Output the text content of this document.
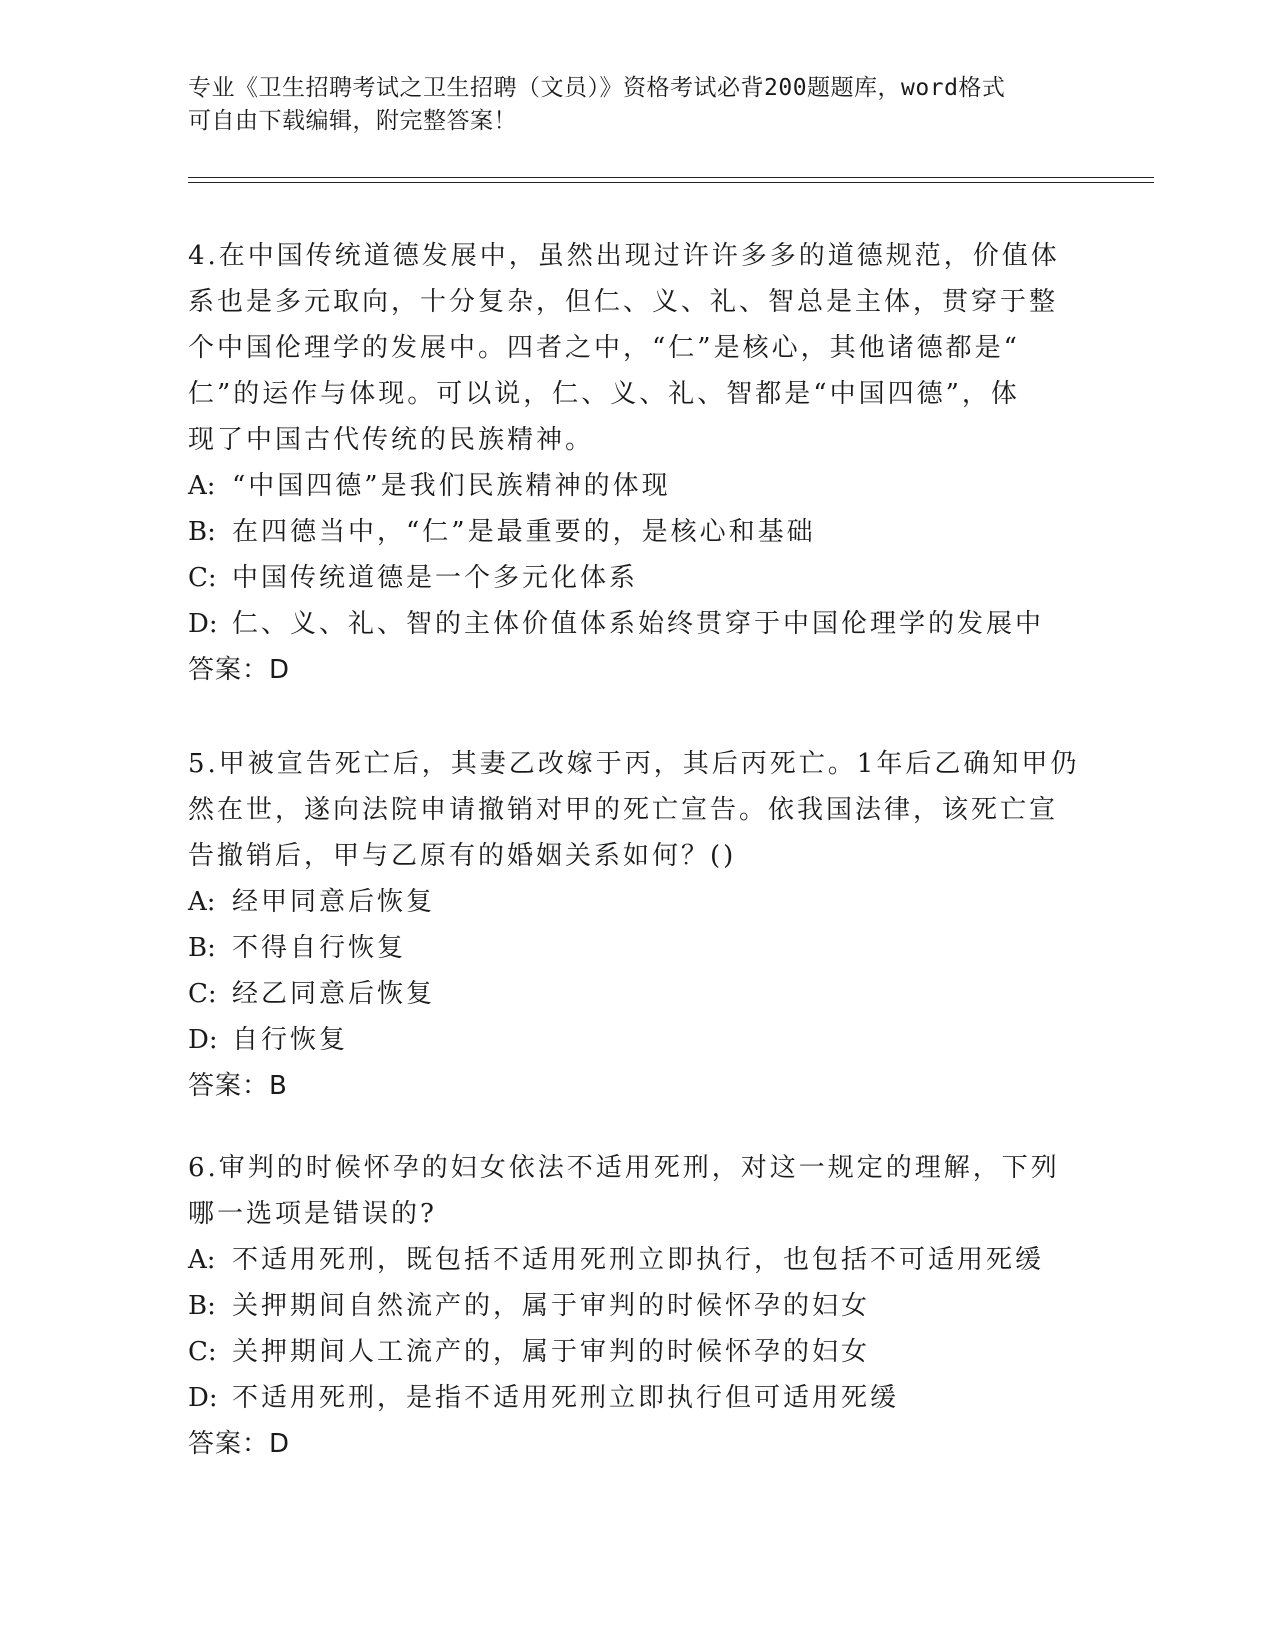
专业《卫生招聘考试之卫生招聘（文员）》资格考试必背200题题库，word格式
可自由下载编辑，附完整答案！
4.在中国传统道德发展中，虽然出现过许许多多的道德规范，价值体
系也是多元取向，十分复杂，但仁、义、礼、智总是主体，贯穿于整
个中国伦理学的发展中。四者之中，“仁”是核心，其他诸德都是“
仁”的运作与体现。可以说，仁、义、礼、智都是“中国四德”，体
现了中国古代传统的民族精神。
A: “中国四德”是我们民族精神的体现
B: 在四德当中，“仁”是最重要的，是核心和基础
C: 中国传统道德是一个多元化体系
D: 仁、义、礼、智的主体价值体系始终贯穿于中国伦理学的发展中
答案：D
5.甲被宣告死亡后，其妻乙改嫁于丙，其后丙死亡。1年后乙确知甲仍
然在世，遂向法院申请撤销对甲的死亡宣告。依我国法律，该死亡宣
告撤销后，甲与乙原有的婚姻关系如何？()
A: 经甲同意后恢复
B: 不得自行恢复
C: 经乙同意后恢复
D: 自行恢复
答案：B
6.审判的时候怀孕的妇女依法不适用死刑，对这一规定的理解，下列
哪一选项是错误的?
A: 不适用死刑，既包括不适用死刑立即执行，也包括不可适用死缓
B: 关押期间自然流产的，属于审判的时候怀孕的妇女
C: 关押期间人工流产的，属于审判的时候怀孕的妇女
D: 不适用死刑，是指不适用死刑立即执行但可适用死缓
答案：D
